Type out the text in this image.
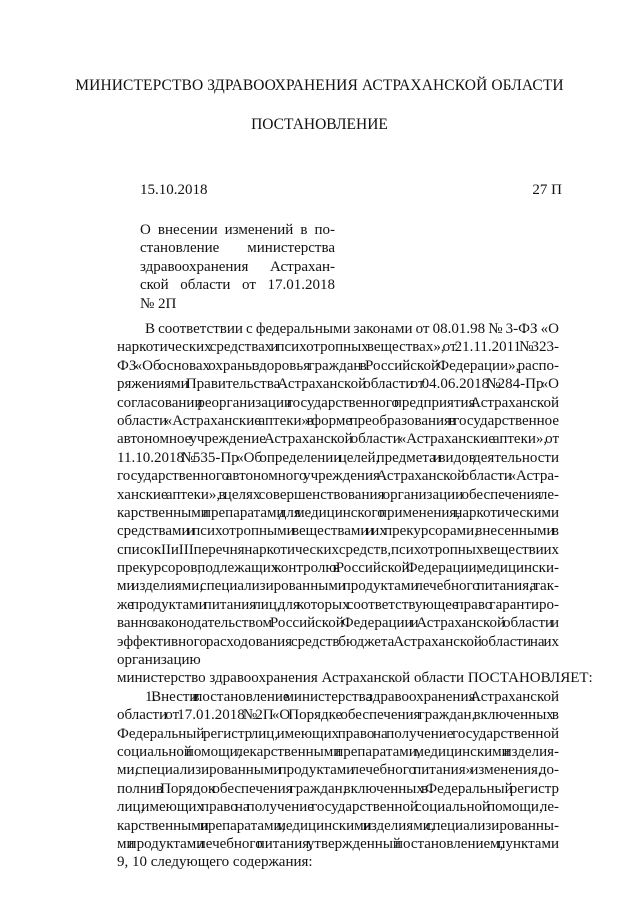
МИНИСТЕРСТВО ЗДРАВООХРАНЕНИЯ АСТРАХАНСКОЙ ОБЛАСТИ
ПОСТАНОВЛЕНИЕ
15.10.2018	27 П
О внесении изменений в по-
становление министерства
здравоохранения Астрахан-
ской области от 17.01.2018
№ 2П
В соответствии с федеральными законами от 08.01.98 № 3-ФЗ «О
наркотических средствах и психотропных веществах», от 21.11.2011 № 323-
ФЗ «Об основах охраны здоровья граждан в Российской Федерации», распо-
ряжениями Правительства Астраханской области от 04.06.2018 № 284-Пр «О
согласовании реорганизации государственного предприятия Астраханской
области «Астраханские аптеки» в форме преобразования в государственное
автономное учреждение Астраханской области «Астраханские аптеки», от
11.10.2018 № 535-Пр «Об определении целей, предмета и видов деятельности
государственного автономного учреждения Астраханской области «Астра-
ханские аптеки», в целях совершенствования организации обеспечения ле-
карственными препаратами для медицинского применения, наркотическими
средствами и психотропными веществами и их прекурсорами, внесенными в
список II и III перечня наркотических средств, психотропных веществ и их
прекурсоров, подлежащих контролю в Российской Федерации, медицински-
ми изделиями, специализированными продуктами лечебного питания, а так-
же продуктами питания лиц, для которых соответствующее право гарантиро-
ванно законодательством Российской Федерации и Астраханской области и
эффективного расходования средств бюджета Астраханской области на их
организацию
министерство здравоохранения Астраханской области ПОСТАНОВЛЯЕТ:
1. Внести в постановление министерства здравоохранения Астраханской
области от 17.01.2018 № 2П «О Порядке обеспечения граждан, включенных в
Федеральный регистр лиц, имеющих право на получение государственной
социальной помощи, лекарственными препаратами, медицинскими изделия-
ми, специализированными продуктами лечебного питания» изменения, до-
полнив Порядок обеспечения граждан, включенных в Федеральный регистр
лиц, имеющих право на получение государственной социальной помощи, ле-
карственными препаратами, медицинскими изделиями, специализированны-
ми продуктами лечебного питания, утвержденный постановлением, пунктами
9, 10 следующего содержания:
